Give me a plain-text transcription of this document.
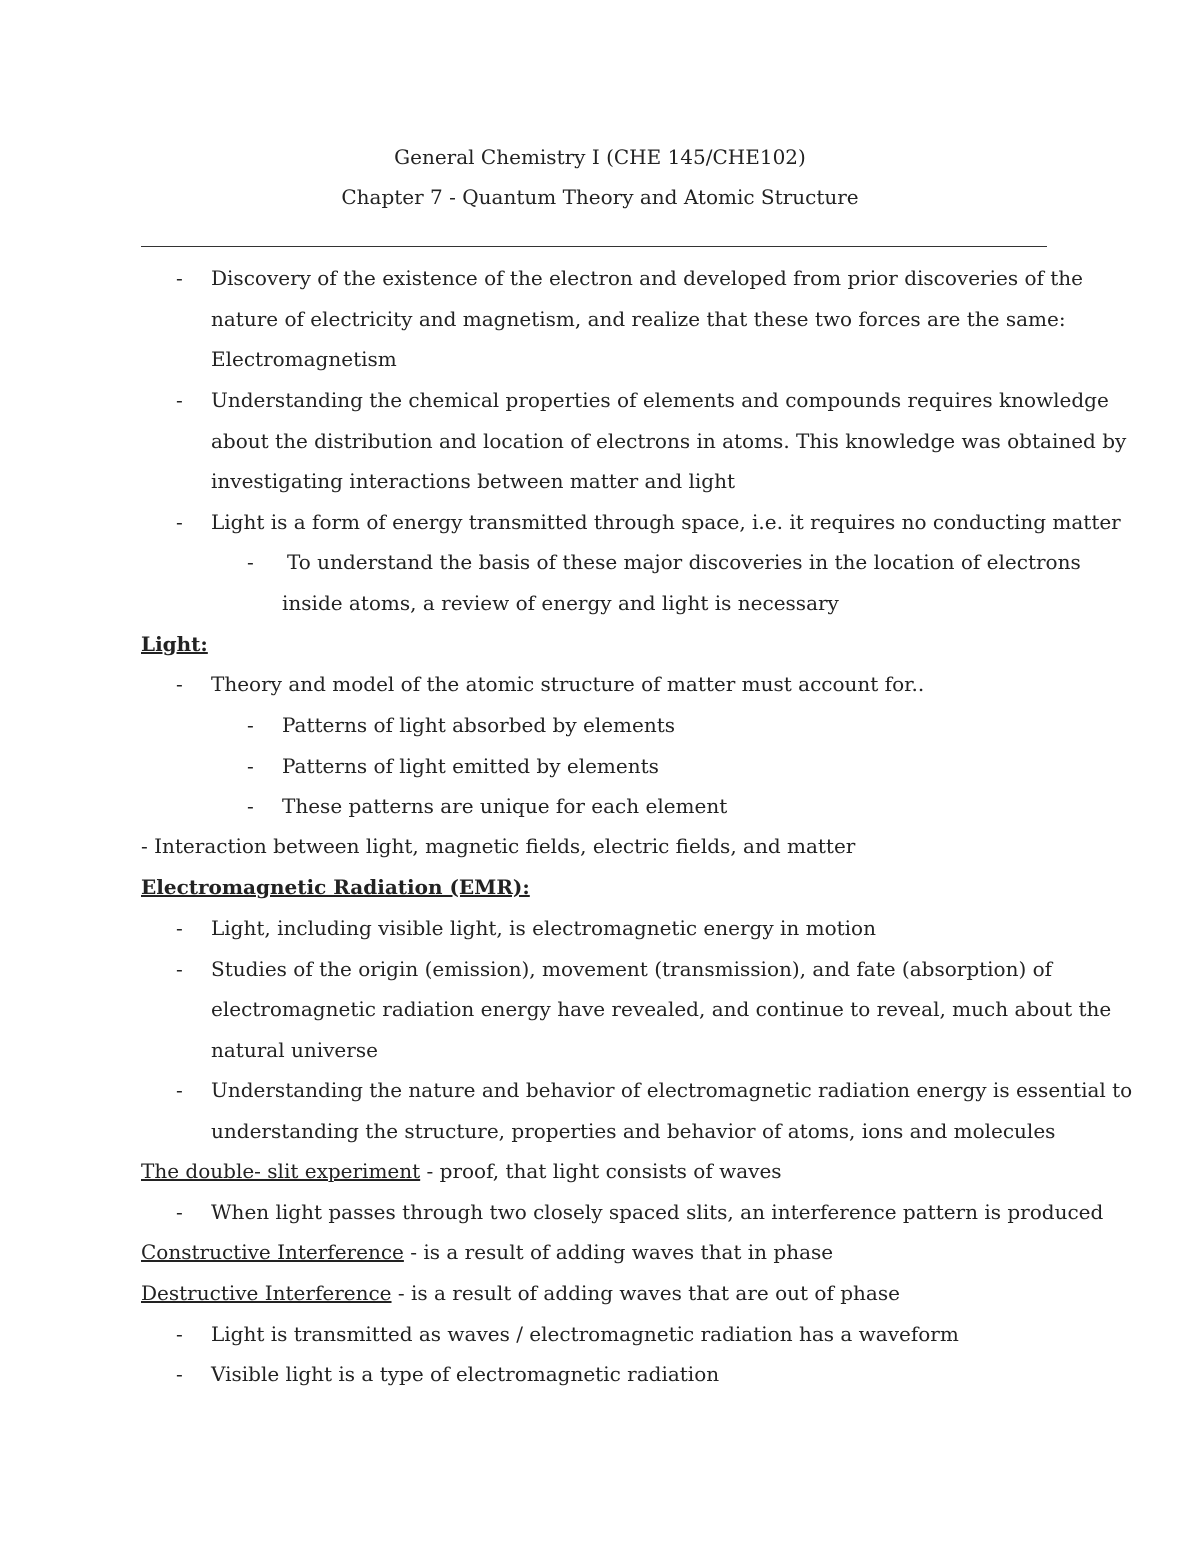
General Chemistry I (CHE 145/CHE102)
Chapter 7 - Quantum Theory and Atomic Structure
- Discovery of the existence of the electron and developed from prior discoveries of the
nature of electricity and magnetism, and realize that these two forces are the same:
Electromagnetism
- Understanding the chemical properties of elements and compounds requires knowledge
about the distribution and location of electrons in atoms. This knowledge was obtained by
investigating interactions between matter and light
- Light is a form of energy transmitted through space, i.e. it requires no conducting matter
- To understand the basis of these major discoveries in the location of electrons
inside atoms, a review of energy and light is necessary
Light:
- Theory and model of the atomic structure of matter must account for..
- Patterns of light absorbed by elements
- Patterns of light emitted by elements
- These patterns are unique for each element
- Interaction between light, magnetic fields, electric fields, and matter
Electromagnetic Radiation (EMR):
- Light, including visible light, is electromagnetic energy in motion
- Studies of the origin (emission), movement (transmission), and fate (absorption) of
electromagnetic radiation energy have revealed, and continue to reveal, much about the
natural universe
- Understanding the nature and behavior of electromagnetic radiation energy is essential to
understanding the structure, properties and behavior of atoms, ions and molecules
The double- slit experiment - proof, that light consists of waves
- When light passes through two closely spaced slits, an interference pattern is produced
Constructive Interference - is a result of adding waves that in phase
Destructive Interference - is a result of adding waves that are out of phase
- Light is transmitted as waves / electromagnetic radiation has a waveform
- Visible light is a type of electromagnetic radiation
